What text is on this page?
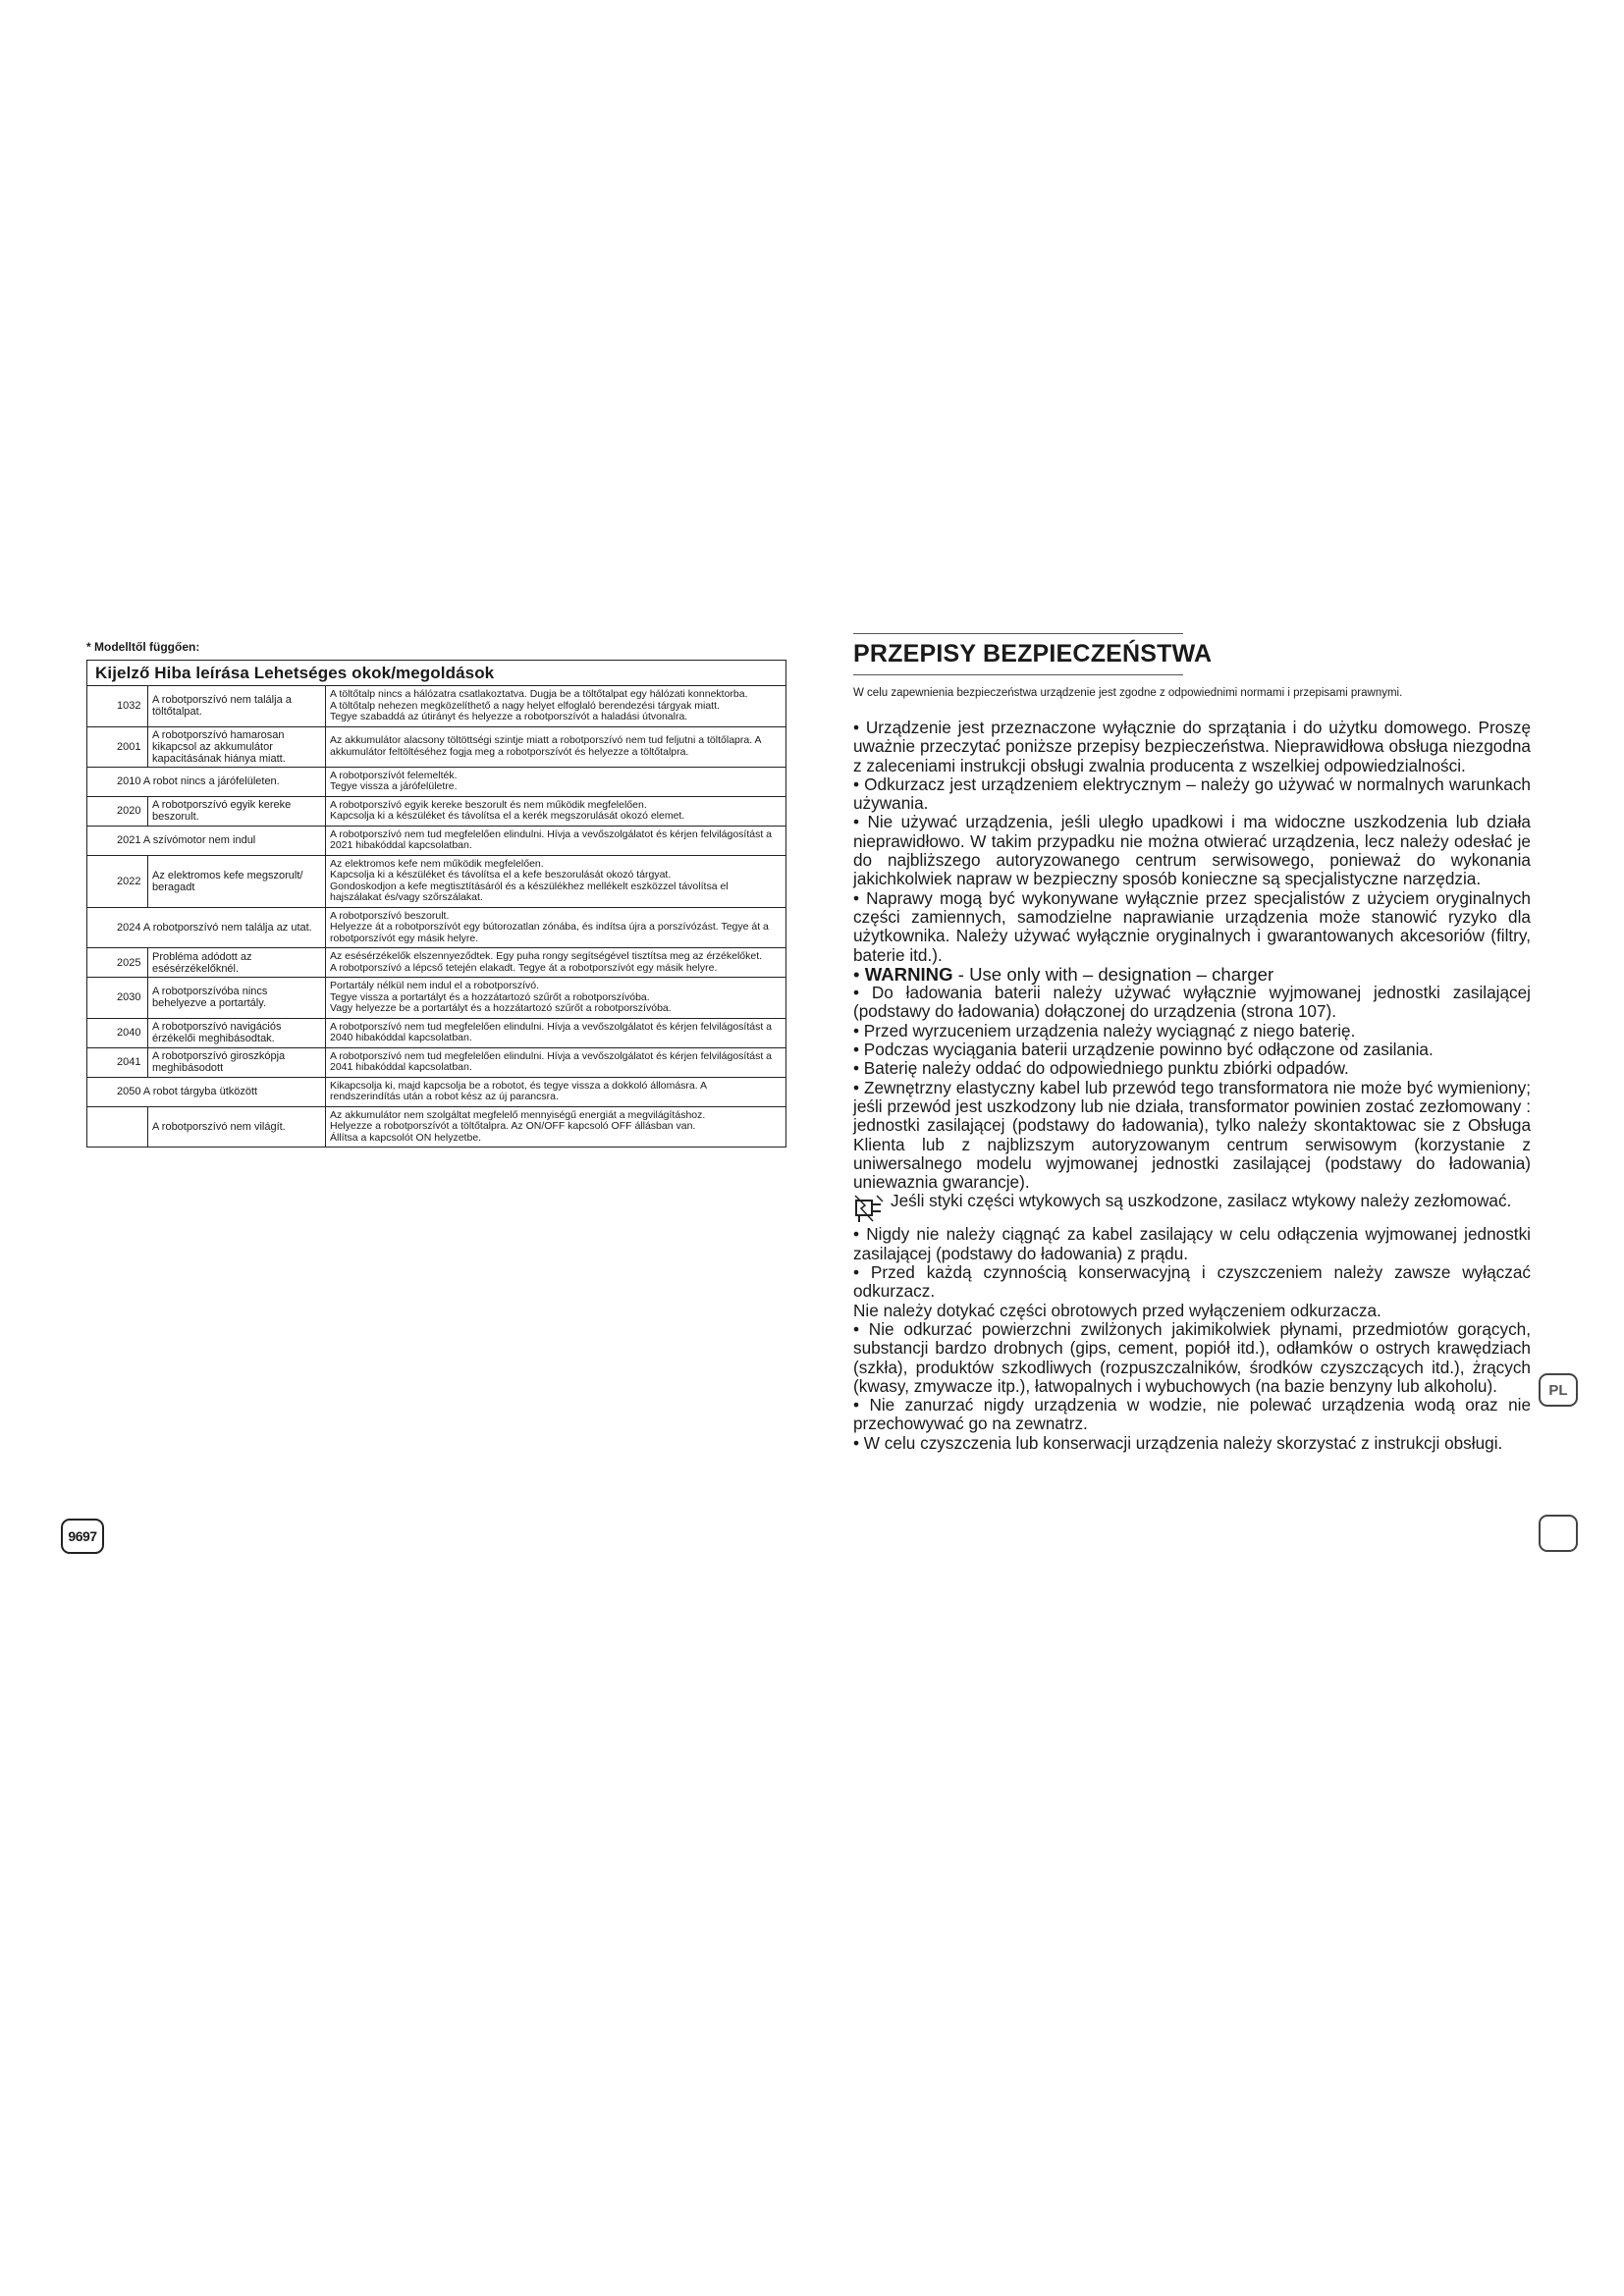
* Modelltől függően:
Kijelző Hiba leírása Lehetséges okok/megoldások		
1032	A robotporszívó nem találja a töltőtalpat.	A töltőtalp nincs a hálózatra csatlakoztatva. Dugja be a töltőtalpat egy hálózati konnektorba.
A töltőtalp nehezen megközelíthető a nagy helyet elfoglaló berendezési tárgyak miatt.
Tegye szabaddá az útirányt és helyezze a robotporszívót a haladási útvonalra.

2001	A robotporszívó hamarosan kikapcsol az akkumulátor kapacitásának hiánya miatt.	Az akkumulátor alacsony töltöttségi szintje miatt a robotporszívó nem tud feljutni a töltőlapra. A akkumulátor feltöltéséhez fogja meg a robotporszívót és helyezze a töltőtalpra.

2010 A robot nincs a járófelületen.		A robotporszívót felemelték.
Tegye vissza a járófelületre.

2020	A robotporszívó egyik kereke beszorult.	A robotporszívó egyik kereke beszorult és nem működik megfelelően.
Kapcsolja ki a készüléket és távolítsa el a kerék megszorulását okozó elemet.

2021 A szívómotor nem indul		A robotporszívó nem tud megfelelően elindulni. Hívja a vevőszolgálatot és kérjen felvilágosítást a 2021 hibakóddal kapcsolatban.

2022	Az elektromos kefe megszorult/ beragadt	Az elektromos kefe nem működik megfelelően.
Kapcsolja ki a készüléket és távolítsa el a kefe beszorulását okozó tárgyat.
Gondoskodjon a kefe megtisztításáról és a készülékhez mellékelt eszközzel távolítsa el hajszálakat és/vagy szőrszálakat.

2024 A robotporszívó nem találja az utat.		A robotporszívó beszorult.
Helyezze át a robotporszívót egy bútorozatlan zónába, és indítsa újra a porszívózást. Tegye át a robotporszívót egy másik helyre.

2025	Probléma adódott az esésérzékelőknél.	Az esésérzékelők elszennyeződtek. Egy puha rongy segítségével tisztítsa meg az érzékelőket.
A robotporszívó a lépcső tetején elakadt. Tegye át a robotporszívót egy másik helyre.

2030	A robotporszívóba nincs behelyezve a portartály.	Portartály nélkül nem indul el a robotporszívó.
Tegye vissza a portartályt és a hozzátartozó szűrőt a robotporszívóba.
Vagy helyezze be a portartályt és a hozzátartozó szűrőt a robotporszívóba.

2040	A robotporszívó navigációs érzékelői meghibásodtak.	A robotporszívó nem tud megfelelően elindulni. Hívja a vevőszolgálatot és kérjen felvilágosítást a 2040 hibakóddal kapcsolatban.

2041	A robotporszívó giroszkópja meghibásodott	A robotporszívó nem tud megfelelően elindulni. Hívja a vevőszolgálatot és kérjen felvilágosítást a 2041 hibakóddal kapcsolatban.

2050 A robot tárgyba ütközött		Kikapcsolja ki, majd kapcsolja be a robotot, és tegye vissza a dokkoló állomásra. A rendszerindítás után a robot kész az új parancsra.

	A robotporszívó nem világít.	Az akkumulátor nem szolgáltat megfelelő mennyiségű energiát a megvilágításhoz.
Helyezze a robotporszívót a töltőtalpra. Az ON/OFF kapcsoló OFF állásban van.
Állítsa a kapcsolót ON helyzetbe.
9697
PRZEPISY BEZPIECZEŃSTWA
W celu zapewnienia bezpieczeństwa urządzenie jest zgodne z odpowiednimi normami i przepisami prawnymi.

• Urządzenie jest przeznaczone wyłącznie do sprzątania i do użytku domowego. Proszę uważnie przeczytać poniższe przepisy bezpieczeństwa. Nieprawidłowa obsługa niezgodna z zaleceniami instrukcji obsługi zwalnia producenta z wszelkiej odpowiedzialności.

• Odkurzacz jest urządzeniem elektrycznym – należy go używać w normalnych warunkach używania.

• Nie używać urządzenia, jeśli uległo upadkowi i ma widoczne uszkodzenia lub działa nieprawidłowo. W takim przypadku nie można otwierać urządzenia, lecz należy odesłać je do najbliższego autoryzowanego centrum serwisowego, ponieważ do wykonania jakichkolwiek napraw w bezpieczny sposób konieczne są specjalistyczne narzędzia.

• Naprawy mogą być wykonywane wyłącznie przez specjalistów z użyciem oryginalnych części zamiennych, samodzielne naprawianie urządzenia może stanowić ryzyko dla użytkownika. Należy używać wyłącznie oryginalnych i gwarantowanych akcesoriów (filtry, baterie itd.).

• WARNING - Use only with – designation – charger

• Do ładowania baterii należy używać wyłącznie wyjmowanej jednostki zasilającej (podstawy do ładowania) dołączonej do urządzenia (strona 107).

• Przed wyrzuceniem urządzenia należy wyciągnąć z niego baterię.

• Podczas wyciągania baterii urządzenie powinno być odłączone od zasilania.

• Baterię należy oddać do odpowiedniego punktu zbiórki odpadów.

• Zewnętrzny elastyczny kabel lub przewód tego transformatora nie może być wymieniony; jeśli przewód jest uszkodzony lub nie działa, transformator powinien zostać zezłomowany : jednostki zasilającej (podstawy do ładowania), tylko należy skontaktowac sie z Obsługa Klienta lub z najblizszym autoryzowanym centrum serwisowym (korzystanie z uniwersalnego modelu wyjmowanej jednostki zasilającej (podstawy do ładowania) uniewaznia gwarancje).

Jeśli styki części wtykowych są uszkodzone, zasilacz wtykowy należy zezłomować.

• Nigdy nie należy ciągnąć za kabel zasilający w celu odłączenia wyjmowanej jednostki zasilającej (podstawy do ładowania) z prądu.

• Przed każdą czynnością konserwacyjną i czyszczeniem należy zawsze wyłączać odkurzacz.

Nie należy dotykać części obrotowych przed wyłączeniem odkurzacza.

• Nie odkurzać powierzchni zwilżonych jakimikolwiek płynami, przedmiotów gorących, substancji bardzo drobnych (gips, cement, popiół itd.), odłamków o ostrych krawędziach (szkła), produktów szkodliwych (rozpuszczalników, środków czyszczących itd.), żrących (kwasy, zmywacze itp.), łatwopalnych i wybuchowych (na bazie benzyny lub alkoholu).

• Nie zanurzać nigdy urządzenia w wodzie, nie polewać urządzenia wodą oraz nie przechowywać go na zewnatrz.

• W celu czyszczenia lub konserwacji urządzenia należy skorzystać z instrukcji obsługi.

PL
